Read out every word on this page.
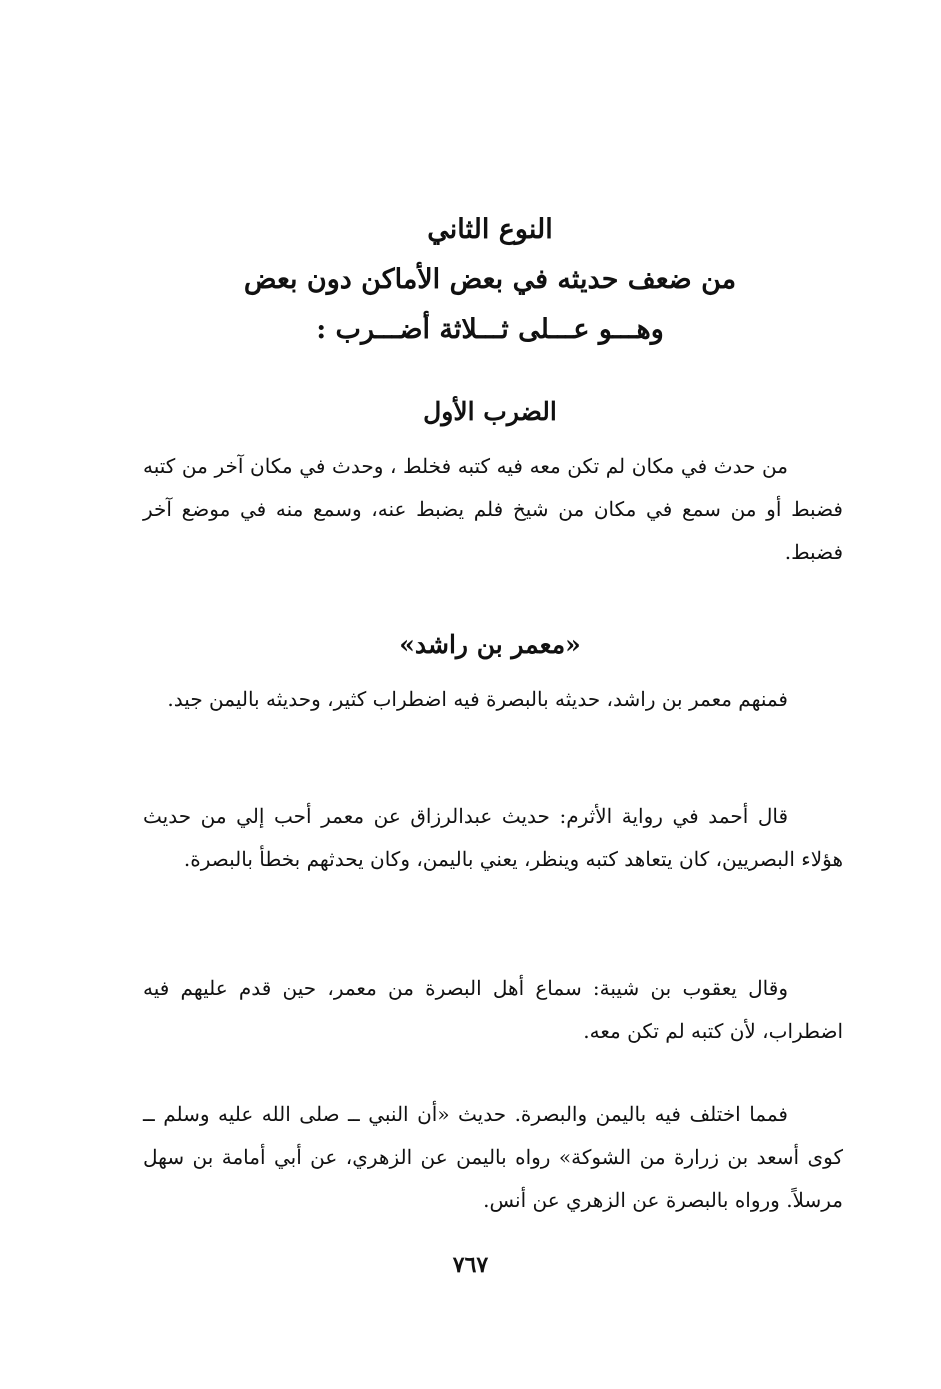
النوع الثاني
من ضعف حديثه في بعض الأماكن دون بعض
وهـــو عـــلى ثـــلاثة أضـــرب :
الضرب الأول
من حدث في مكان لم تكن معه فيه كتبه فخلط ، وحدث في مكان آخر من كتبه فضبط أو من سمع في مكان من شيخ فلم يضبط عنه، وسمع منه في موضع آخر فضبط.
«معمر بن راشد»
فمنهم معمر بن راشد، حديثه بالبصرة فيه اضطراب كثير، وحديثه باليمن جيد.
قال أحمد في رواية الأثرم: حديث عبدالرزاق عن معمر أحب إلي من حديث هؤلاء البصريين، كان يتعاهد كتبه وينظر، يعني باليمن، وكان يحدثهم بخطأ بالبصرة.
وقال يعقوب بن شيبة: سماع أهل البصرة من معمر، حين قدم عليهم فيه اضطراب، لأن كتبه لم تكن معه.
فمما اختلف فيه باليمن والبصرة. حديث «أن النبي ــ صلى الله عليه وسلم ــ كوى أسعد بن زرارة من الشوكة» رواه باليمن عن الزهري، عن أبي أمامة بن سهل مرسلاً. ورواه بالبصرة عن الزهري عن أنس.
٧٦٧
